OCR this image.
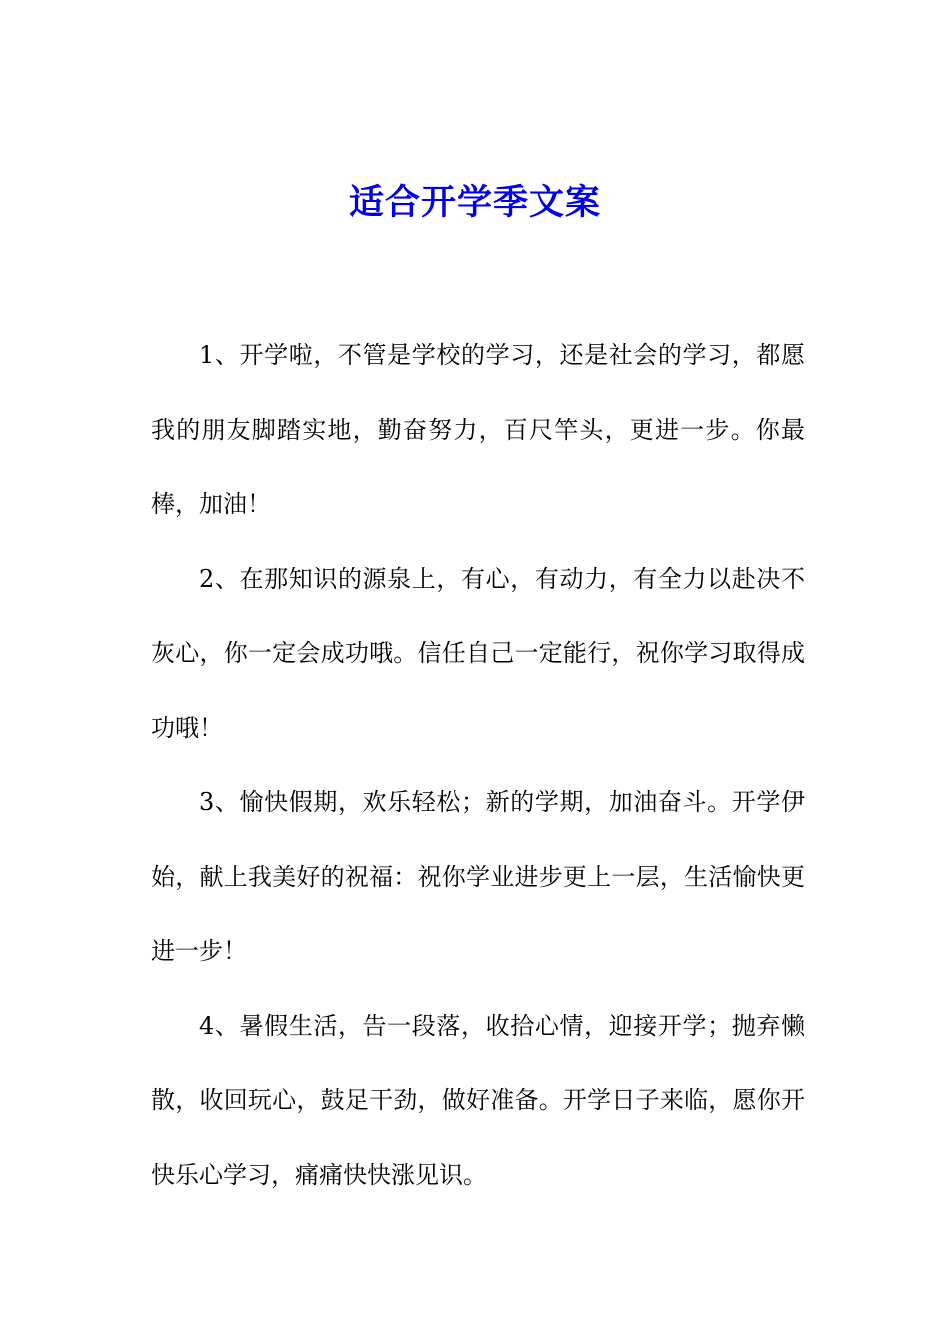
适合开学季文案

1、开学啦，不管是学校的学习，还是社会的学习，都愿我的朋友脚踏实地，勤奋努力，百尺竿头，更进一步。你最棒，加油！

2、在那知识的源泉上，有心，有动力，有全力以赴决不灰心，你一定会成功哦。信任自己一定能行，祝你学习取得成功哦！

3、愉快假期，欢乐轻松；新的学期，加油奋斗。开学伊始，献上我美好的祝福：祝你学业进步更上一层，生活愉快更进一步！

4、暑假生活，告一段落，收拾心情，迎接开学；抛弃懒散，收回玩心，鼓足干劲，做好准备。开学日子来临，愿你开快乐心学习，痛痛快快涨见识。
